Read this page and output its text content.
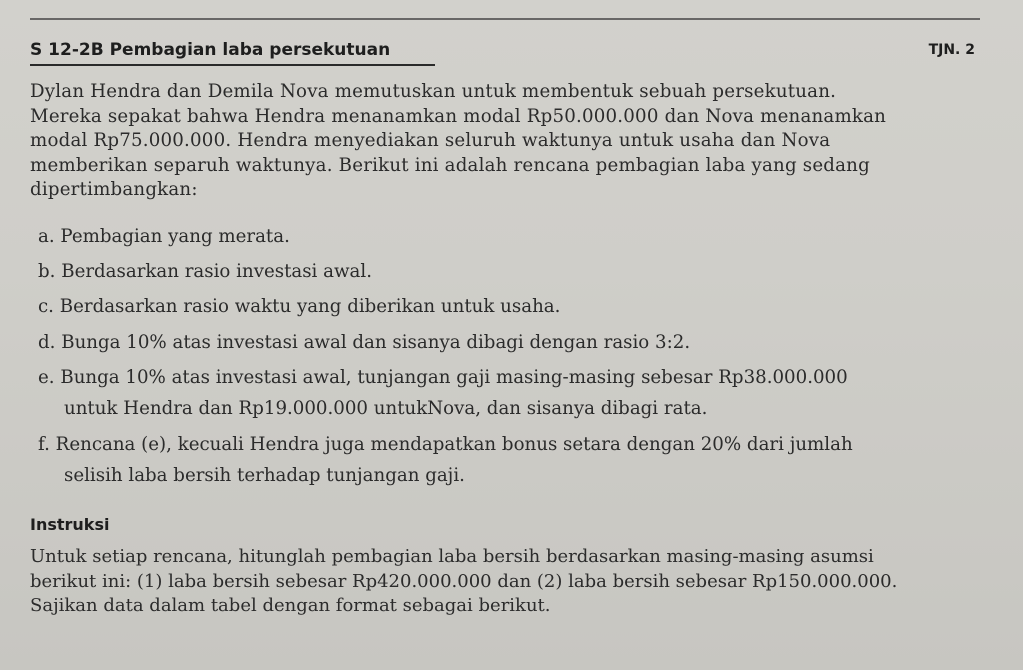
S 12-2B Pembagian laba persekutuan	TJN. 2
Dylan Hendra dan Demila Nova memutuskan untuk membentuk sebuah persekutuan.
Mereka sepakat bahwa Hendra menanamkan modal Rp50.000.000 dan Nova menanamkan
modal Rp75.000.000. Hendra menyediakan seluruh waktunya untuk usaha dan Nova
memberikan separuh waktunya. Berikut ini adalah rencana pembagian laba yang sedang
dipertimbangkan:
a. Pembagian yang merata.
b. Berdasarkan rasio investasi awal.
c. Berdasarkan rasio waktu yang diberikan untuk usaha.
d. Bunga 10% atas investasi awal dan sisanya dibagi dengan rasio 3:2.
e. Bunga 10% atas investasi awal, tunjangan gaji masing-masing sebesar Rp38.000.000
untuk Hendra dan Rp19.000.000 untukNova, dan sisanya dibagi rata.
f. Rencana (e), kecuali Hendra juga mendapatkan bonus setara dengan 20% dari jumlah
selisih laba bersih terhadap tunjangan gaji.
Instruksi
Untuk setiap rencana, hitunglah pembagian laba bersih berdasarkan masing-masing asumsi
berikut ini: (1) laba bersih sebesar Rp420.000.000 dan (2) laba bersih sebesar Rp150.000.000.
Sajikan data dalam tabel dengan format sebagai berikut.
